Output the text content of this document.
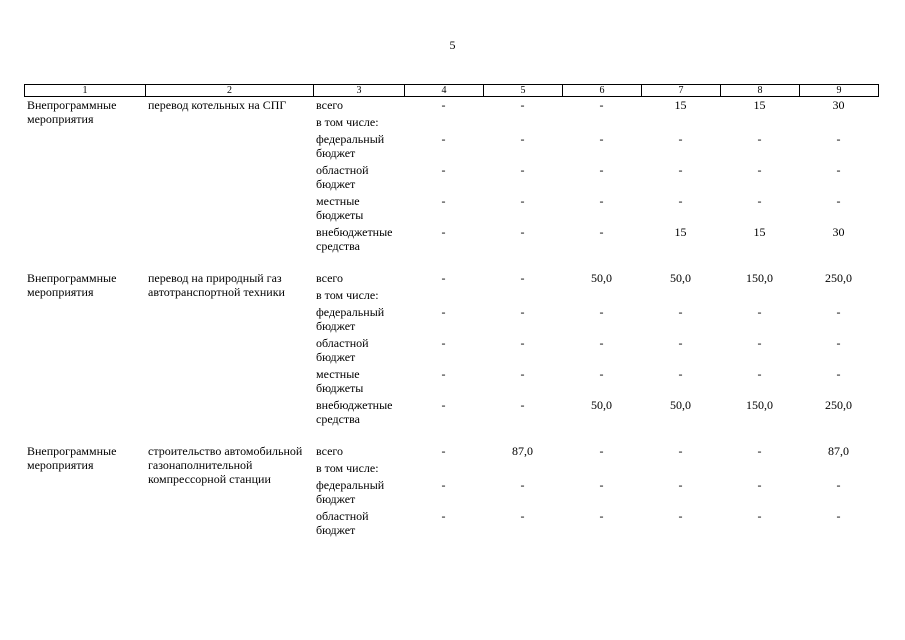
5
1	2	3	4	5	6	7	8	9
Внепрограммные мероприятия	перевод котельных на СПГ	всего	-	-	-	15	15	30
		в том числе:						
		федеральный бюджет	-	-	-	-	-	-
		областной бюджет	-	-	-	-	-	-
		местные бюджеты	-	-	-	-	-	-
		внебюджетные средства	-	-	-	15	15	30

Внепрограммные мероприятия	перевод на природный газ автотранспортной техники	всего	-	-	50,0	50,0	150,0	250,0
		в том числе:						
		федеральный бюджет	-	-	-	-	-	-
		областной бюджет	-	-	-	-	-	-
		местные бюджеты	-	-	-	-	-	-
		внебюджетные средства	-	-	50,0	50,0	150,0	250,0

Внепрограммные мероприятия	строительство автомобильной газонаполнительной компрессорной станции	всего	-	87,0	-	-	-	87,0
		в том числе:						
		федеральный бюджет	-	-	-	-	-	-
		областной бюджет	-	-	-	-	-	-
